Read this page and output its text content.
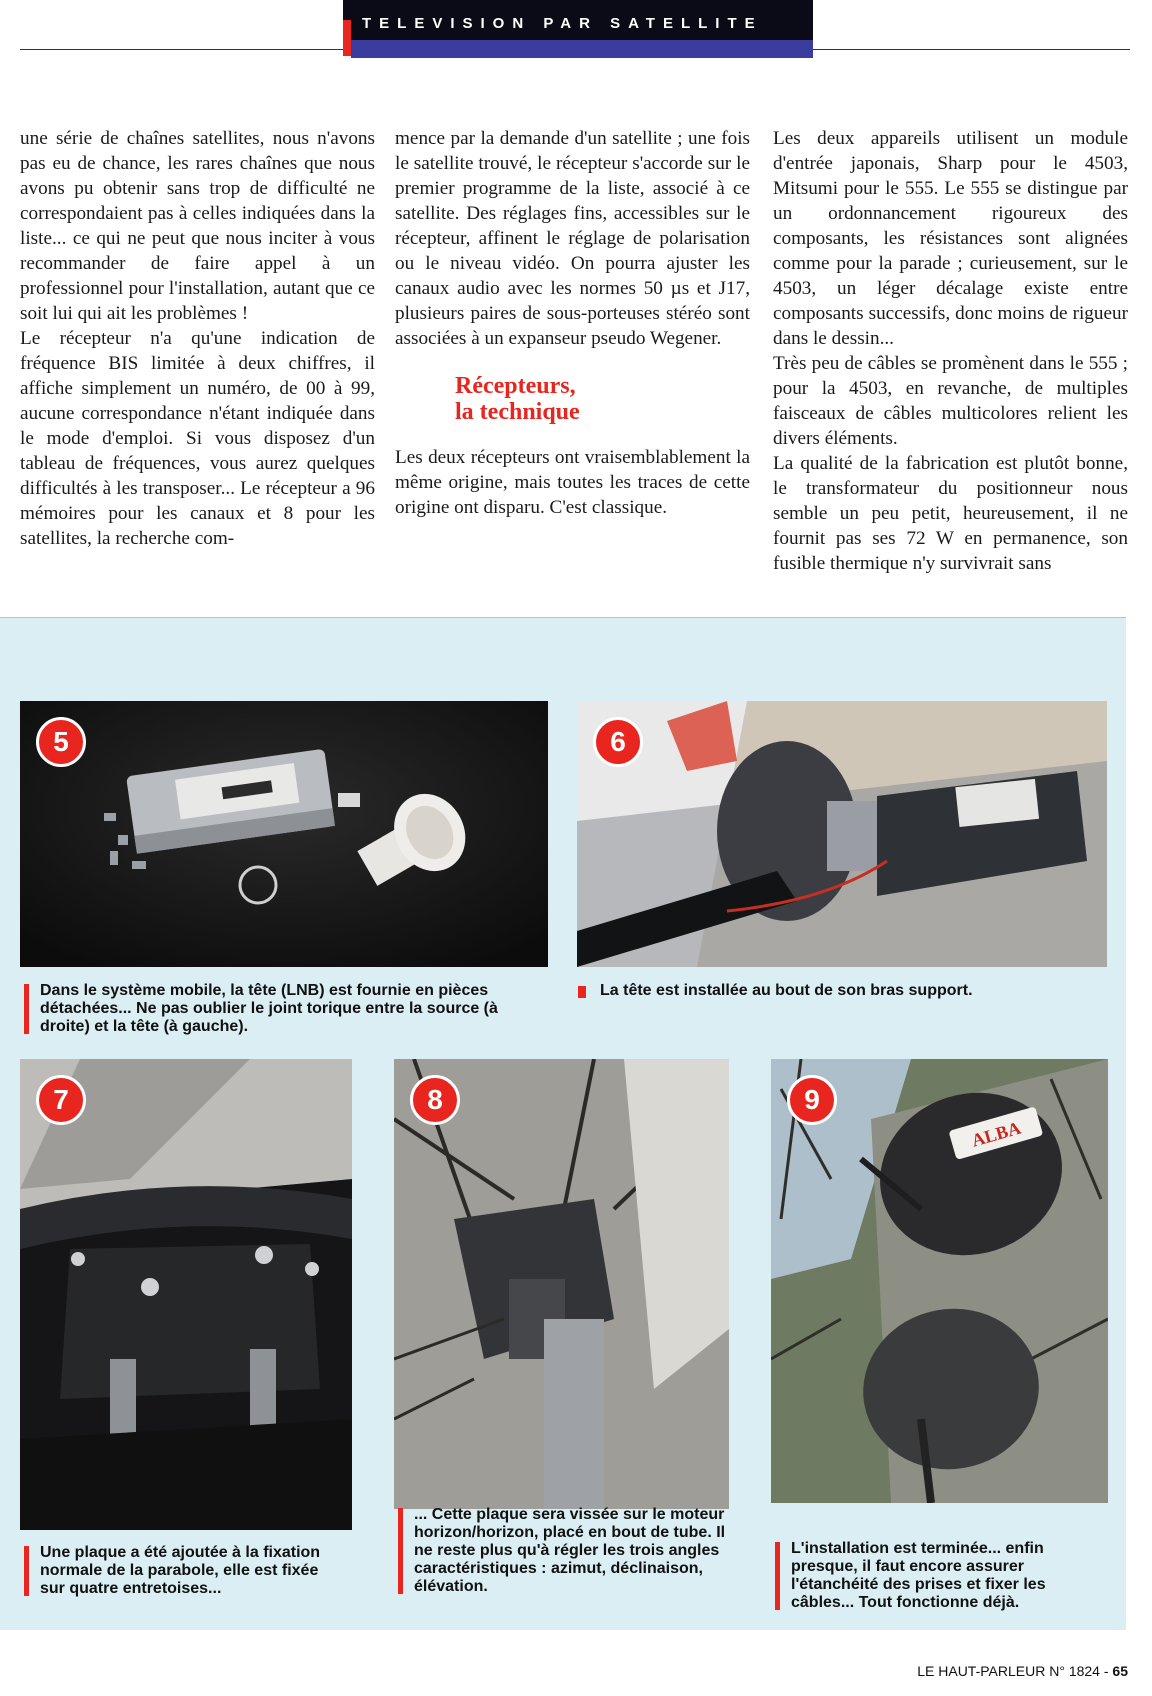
TELEVISION PAR SATELLITE

une série de chaînes satellites, nous n'avons pas eu de chance, les rares chaînes que nous avons pu obtenir sans trop de difficulté ne correspondaient pas à celles indiquées dans la liste... ce qui ne peut que nous inciter à vous recommander de faire appel à un professionnel pour l'installation, autant que ce soit lui qui ait les problèmes !

Le récepteur n'a qu'une indication de fréquence BIS limitée à deux chiffres, il affiche simplement un numéro, de 00 à 99, aucune correspondance n'étant indiquée dans le mode d'emploi. Si vous disposez d'un tableau de fréquences, vous aurez quelques difficultés à les transposer... Le récepteur a 96 mémoires pour les canaux et 8 pour les satellites, la recherche com-

mence par la demande d'un satellite ; une fois le satellite trouvé, le récepteur s'accorde sur le premier programme de la liste, associé à ce satellite. Des réglages fins, accessibles sur le récepteur, affinent le réglage de polarisation ou le niveau vidéo. On pourra ajuster les canaux audio avec les normes 50 µs et J17, plusieurs paires de sous-porteuses stéréo sont associées à un expanseur pseudo Wegener.

Récepteurs,
la technique

Les deux récepteurs ont vraisemblablement la même origine, mais toutes les traces de cette origine ont disparu. C'est classique.

Les deux appareils utilisent un module d'entrée japonais, Sharp pour le 4503, Mitsumi pour le 555. Le 555 se distingue par un ordonnancement rigoureux des composants, les résistances sont alignées comme pour la parade ; curieusement, sur le 4503, un léger décalage existe entre composants successifs, donc moins de rigueur dans le dessin...

Très peu de câbles se promènent dans le 555 ; pour la 4503, en revanche, de multiples faisceaux de câbles multicolores relient les divers éléments.

La qualité de la fabrication est plutôt bonne, le transformateur du positionneur nous semble un peu petit, heureusement, il ne fournit pas ses 72 W en permanence, son fusible thermique n'y survivrait sans

5
Dans le système mobile, la tête (LNB) est fournie en pièces détachées... Ne pas oublier le joint torique entre la source (à droite) et la tête (à gauche).
6
La tête est installée au bout de son bras support.
7
Une plaque a été ajoutée à la fixation normale de la parabole, elle est fixée sur quatre entretoises...
8
... Cette plaque sera vissée sur le moteur horizon/horizon, placé en bout de tube. Il ne reste plus qu'à régler les trois angles caractéristiques : azimut, déclinaison, élévation.
ALBA
9
L'installation est terminée... enfin presque, il faut encore assurer l'étanchéité des prises et fixer les câbles... Tout fonctionne déjà.
LE HAUT-PARLEUR N° 1824 - 65
